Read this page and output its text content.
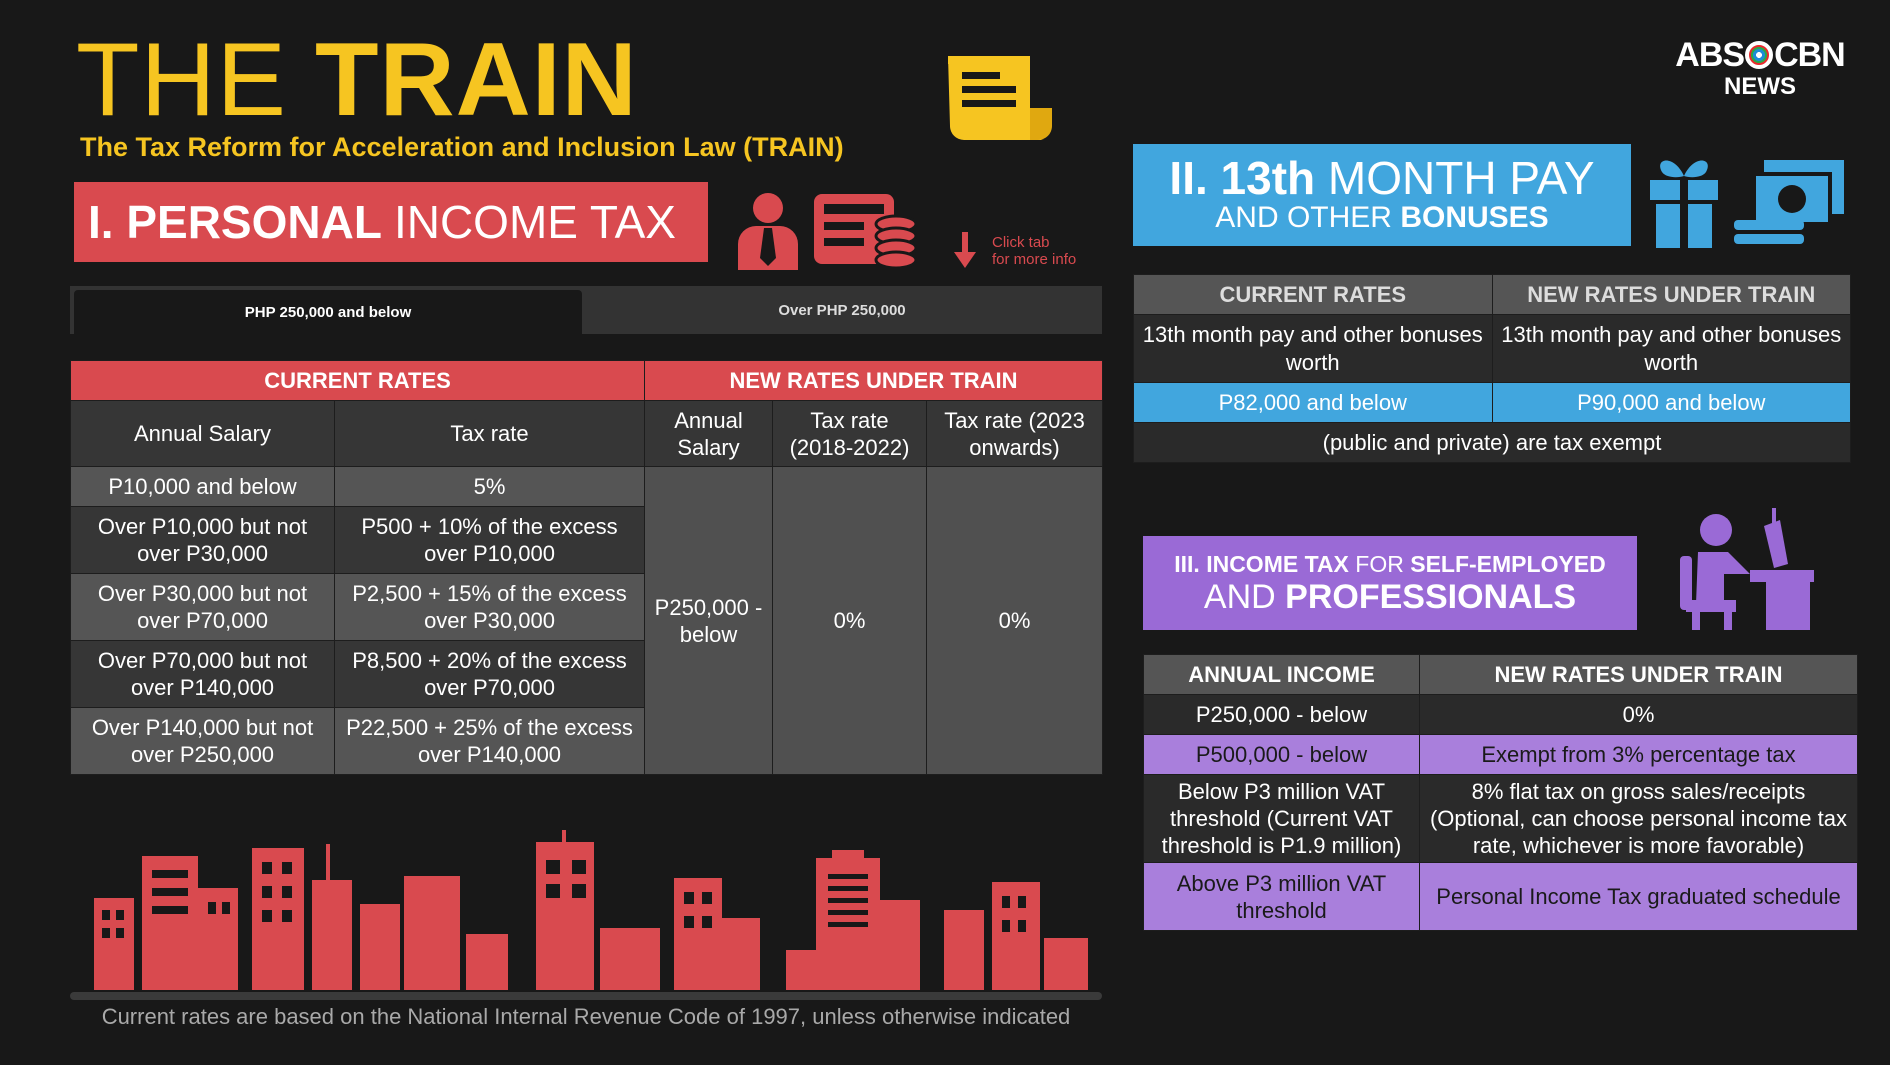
THE TRAIN
The Tax Reform for Acceleration and Inclusion Law (TRAIN)
ABS CBN
NEWS
I. PERSONAL INCOME TAX	Click tab
for more info
PHP 250,000 and below	Over PHP 250,000
CURRENT RATES		NEW RATES UNDER TRAIN		
Annual Salary	Tax rate	Annual Salary	Tax rate (2018-2022)	Tax rate (2023 onwards)
P10,000 and below	5%	P250,000 - below	0%	0%
Over P10,000 but not over P30,000	P500 + 10% of the excess over P10,000			
Over P30,000 but not over P70,000	P2,500 + 15% of the excess over P30,000			
Over P70,000 but not over P140,000	P8,500 + 20% of the excess over P70,000			
Over P140,000 but not over P250,000	P22,500 + 25% of the excess over P140,000			
Current rates are based on the National Internal Revenue Code of 1997, unless otherwise indicated
II. 13th MONTH PAY
AND OTHER BONUSES
CURRENT RATES	NEW RATES UNDER TRAIN
13th month pay and other bonuses worth	13th month pay and other bonuses worth
P82,000 and below	P90,000 and below
(public and private) are tax exempt	
III. INCOME TAX FOR SELF-EMPLOYED
AND PROFESSIONALS
ANNUAL INCOME	NEW RATES UNDER TRAIN
P250,000 - below	0%
P500,000 - below	Exempt from 3% percentage tax
Below P3 million VAT threshold (Current VAT threshold is P1.9 million)	8% flat tax on gross sales/receipts (Optional, can choose personal income tax rate, whichever is more favorable)
Above P3 million VAT threshold	Personal Income Tax graduated schedule
